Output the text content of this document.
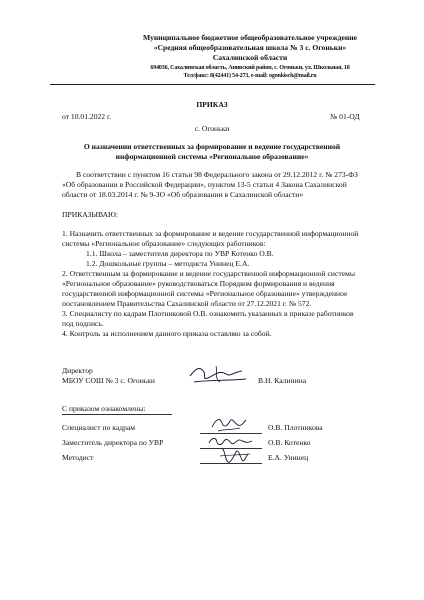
Муниципальное бюджетное общеобразовательное учреждение
«Средняя общеобразовательная школа № 3 с. Огоньки»
Сахалинской области
694036, Сахалинская область, Анивский район, с. Огоньки, ул. Школьная, 18
Тел/факс: 8(42441) 54-273, e-mail: ogonkisch@mail.ru
ПРИКАЗ
от 10.01.2022 г.	№ 01-ОД
с. Огоньки
О назначении ответственных за формирование и ведение государственной
информационной системы «Региональное образование»
В соответствии с пунктом 16 статьи 98 Федерального закона от 29.12.2012 г. № 273-ФЗ
«Об образовании в Российской Федерации», пунктом 13-5 статьи 4 Закона Сахалинской
области от 18.03.2014 г. № 9-ЗО «Об образовании в Сахалинской области»
ПРИКАЗЫВАЮ:
1. Назначить ответственных за формирование и ведение государственной информационной
системы «Региональное образование» следующих работников:
1.1. Школа – заместителя директора по УВР Котенко О.В.
1.2. Дошкольные группы – методиста Унинец Е.А.
2. Ответственным за формирование и ведение государственной информационной системы
«Региональное образование» руководствоваться Порядком формирования и ведения
государственной информационной системы «Региональное образование» утвержденное
постановлением Правительства Сахалинской области от 27.12.2021 г. № 572.
3. Специалисту по кадрам Плотниковой О.В. ознакомить указанных в приказе работников
под подпись.
4. Контроль за исполнением данного приказа оставляю за собой.
Директор
МБОУ СОШ № 3 с. Огоньки	В.Н. Калинина
С приказом ознакомлены:
Специалист по кадрам	О.В. Плотникова
Заместитель директора по УВР	О.В. Котенко
Методист	Е.А. Унинец
